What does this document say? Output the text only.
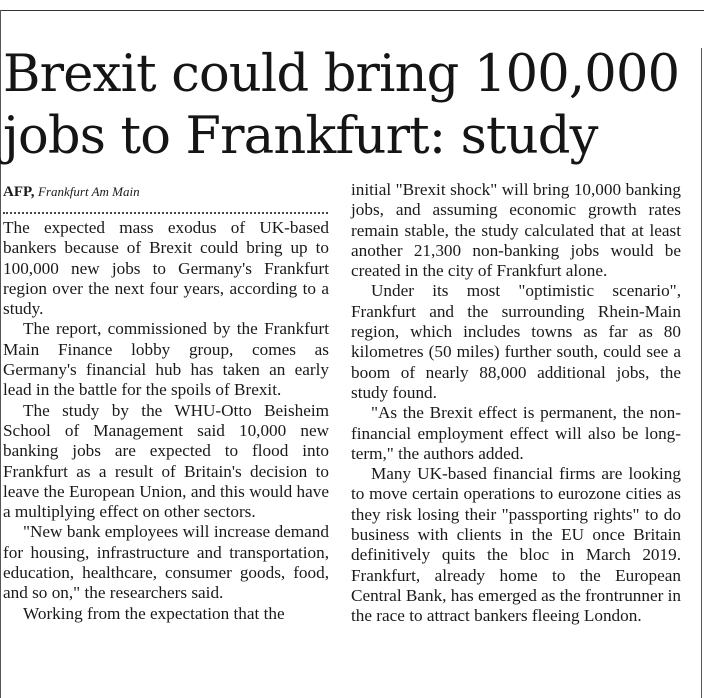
Brexit could bring 100,000 jobs to Frankfurt: study
AFP, Frankfurt Am Main

The expected mass exodus of UK-based bankers because of Brexit could bring up to 100,000 new jobs to Germany's Frankfurt region over the next four years, according to a study.

The report, commissioned by the Frankfurt Main Finance lobby group, comes as Germany's financial hub has taken an early lead in the battle for the spoils of Brexit.

The study by the WHU-Otto Beisheim School of Management said 10,000 new banking jobs are expected to flood into Frankfurt as a result of Britain's decision to leave the European Union, and this would have a multiplying effect on other sectors.

"New bank employees will increase demand for housing, infrastructure and transportation, education, healthcare, consumer goods, food, and so on," the researchers said.

Working from the expectation that the

initial "Brexit shock" will bring 10,000 banking jobs, and assuming economic growth rates remain stable, the study calculated that at least another 21,300 non-banking jobs would be created in the city of Frankfurt alone.

Under its most "optimistic scenario", Frankfurt and the surrounding Rhein-Main region, which includes towns as far as 80 kilometres (50 miles) further south, could see a boom of nearly 88,000 additional jobs, the study found.

"As the Brexit effect is permanent, the non-financial employment effect will also be long-term," the authors added.

Many UK-based financial firms are looking to move certain operations to eurozone cities as they risk losing their "passporting rights" to do business with clients in the EU once Britain definitively quits the bloc in March 2019. Frankfurt, already home to the European Central Bank, has emerged as the frontrunner in the race to attract bankers fleeing London.
